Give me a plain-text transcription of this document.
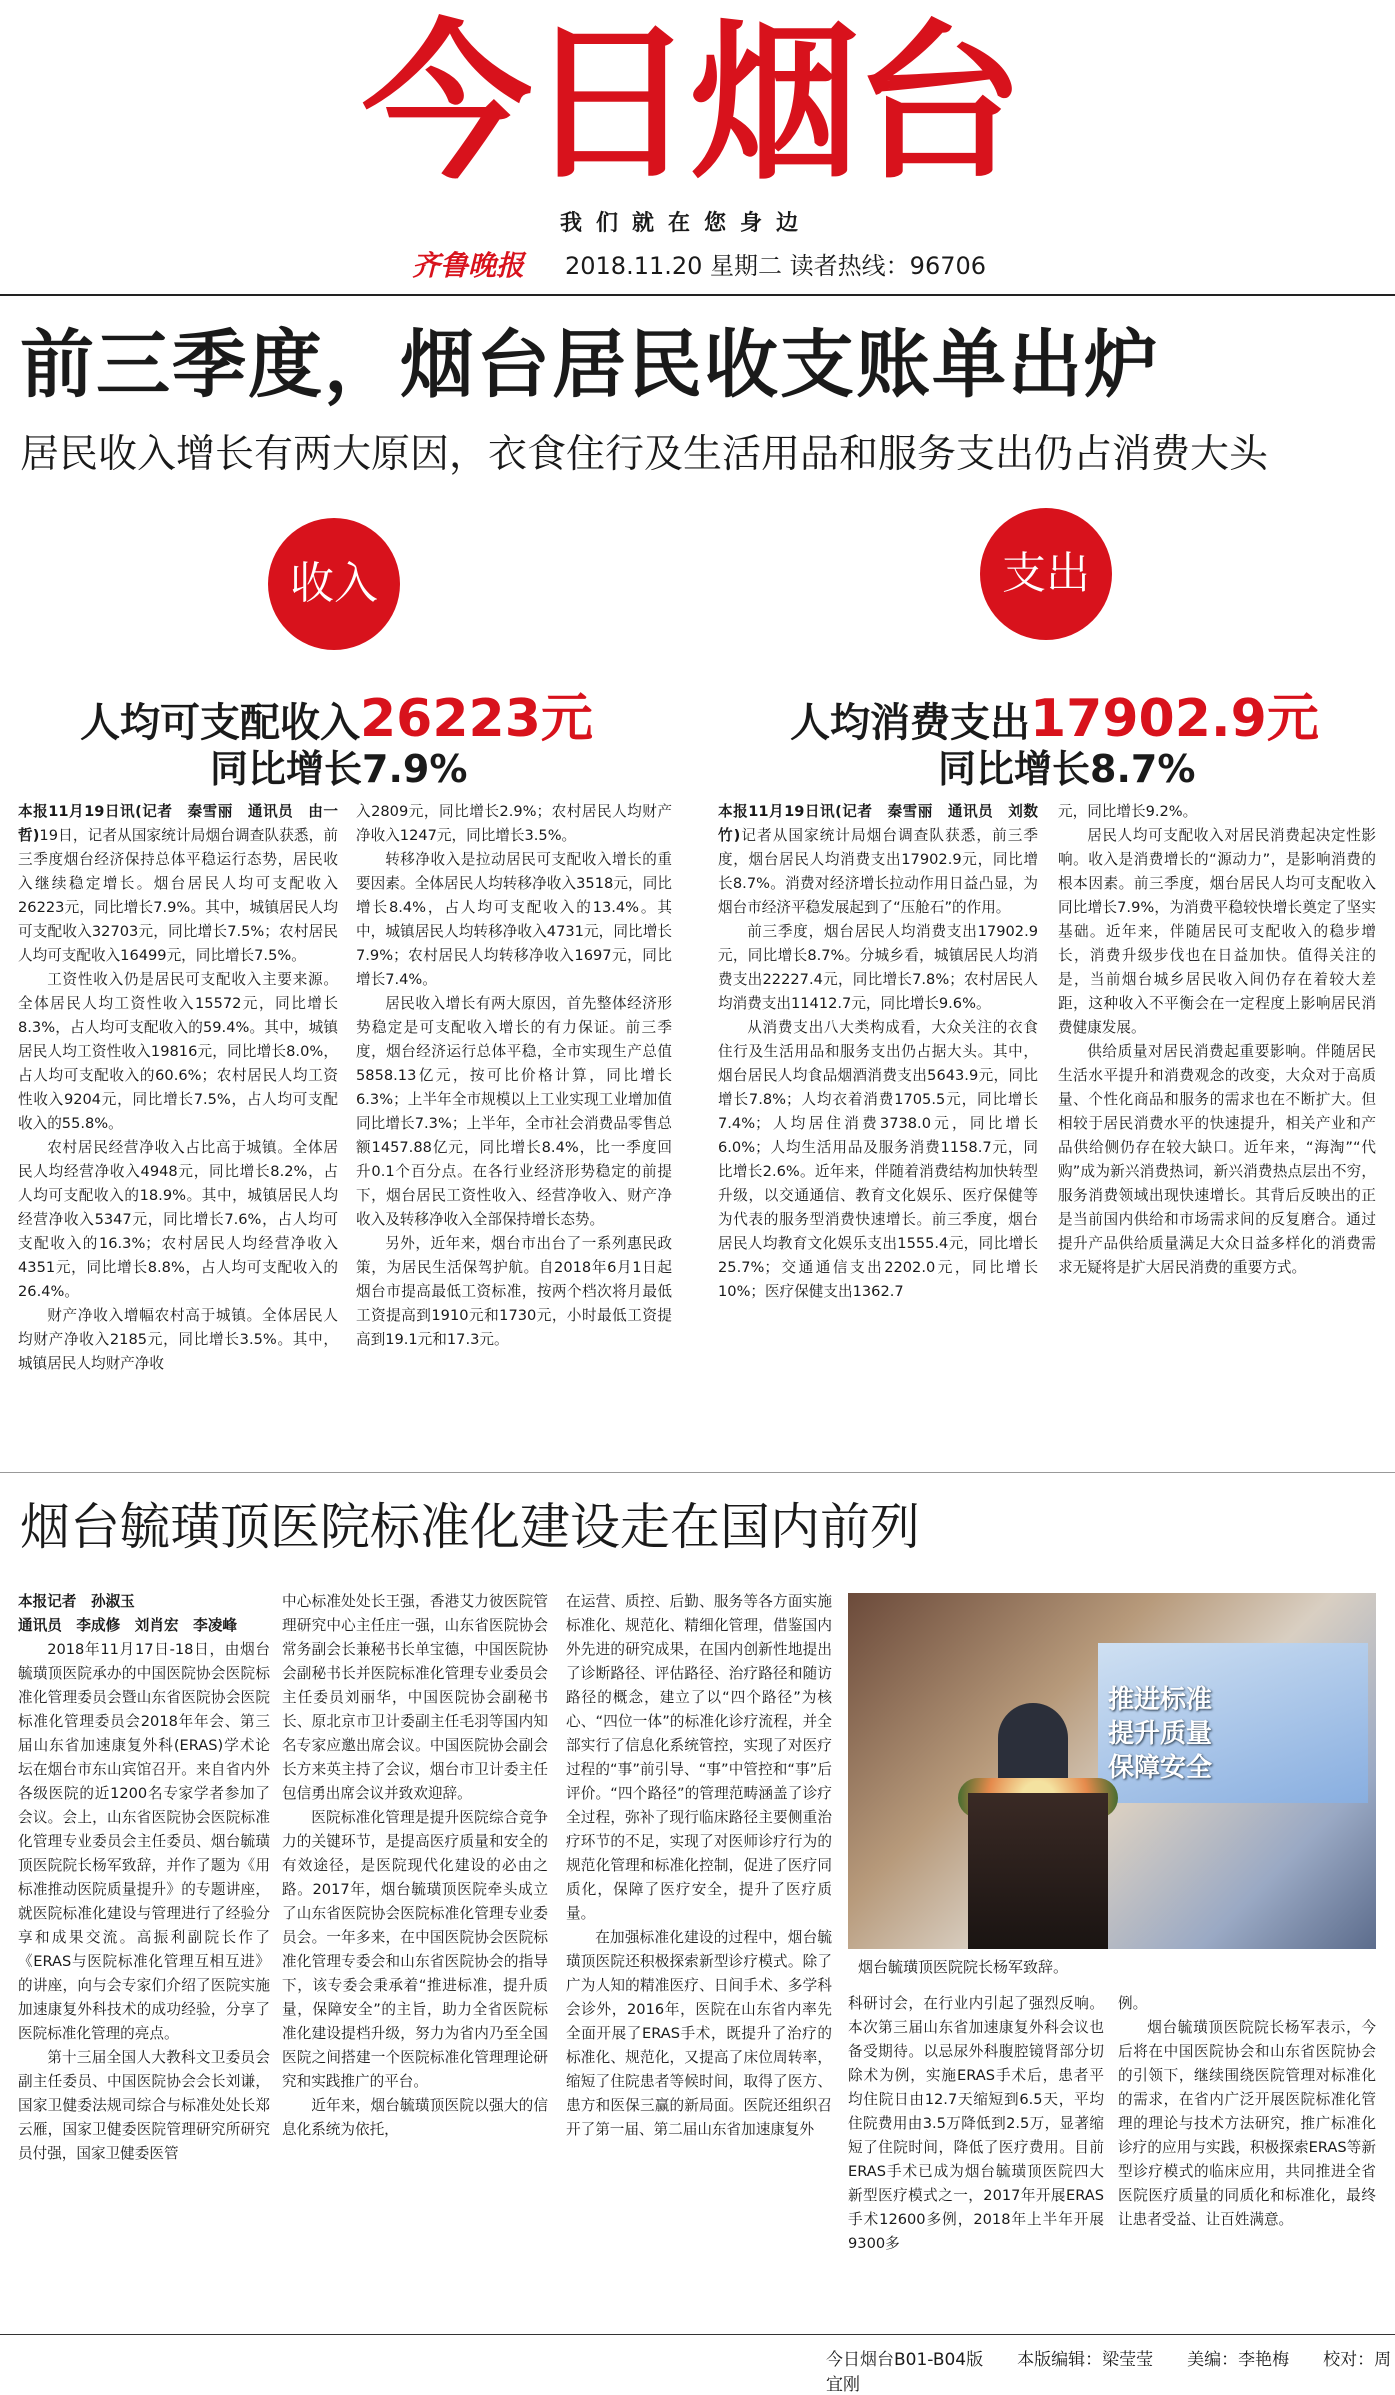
今日烟台
我们就在您身边
齐鲁晚报 2018.11.20 星期二 读者热线：96706
前三季度，烟台居民收支账单出炉
居民收入增长有两大原因，衣食住行及生活用品和服务支出仍占消费大头
收入	支出
人均可支配收入26223元
同比增长7.9%
人均消费支出17902.9元
同比增长8.7%

本报11月19日讯(记者　秦雪丽　通讯员　由一哲)19日，记者从国家统计局烟台调查队获悉，前三季度烟台经济保持总体平稳运行态势，居民收入继续稳定增长。烟台居民人均可支配收入26223元，同比增长7.9%。其中，城镇居民人均可支配收入32703元，同比增长7.5%；农村居民人均可支配收入16499元，同比增长7.5%。

工资性收入仍是居民可支配收入主要来源。全体居民人均工资性收入15572元，同比增长8.3%，占人均可支配收入的59.4%。其中，城镇居民人均工资性收入19816元，同比增长8.0%，占人均可支配收入的60.6%；农村居民人均工资性收入9204元，同比增长7.5%，占人均可支配收入的55.8%。

农村居民经营净收入占比高于城镇。全体居民人均经营净收入4948元，同比增长8.2%，占人均可支配收入的18.9%。其中，城镇居民人均经营净收入5347元，同比增长7.6%，占人均可支配收入的16.3%；农村居民人均经营净收入4351元，同比增长8.8%，占人均可支配收入的26.4%。

财产净收入增幅农村高于城镇。全体居民人均财产净收入2185元，同比增长3.5%。其中，城镇居民人均财产净收

入2809元，同比增长2.9%；农村居民人均财产净收入1247元，同比增长3.5%。

转移净收入是拉动居民可支配收入增长的重要因素。全体居民人均转移净收入3518元，同比增长8.4%，占人均可支配收入的13.4%。其中，城镇居民人均转移净收入4731元，同比增长7.9%；农村居民人均转移净收入1697元，同比增长7.4%。

居民收入增长有两大原因，首先整体经济形势稳定是可支配收入增长的有力保证。前三季度，烟台经济运行总体平稳，全市实现生产总值5858.13亿元，按可比价格计算，同比增长6.3%；上半年全市规模以上工业实现工业增加值同比增长7.3%；上半年，全市社会消费品零售总额1457.88亿元，同比增长8.4%，比一季度回升0.1个百分点。在各行业经济形势稳定的前提下，烟台居民工资性收入、经营净收入、财产净收入及转移净收入全部保持增长态势。

另外，近年来，烟台市出台了一系列惠民政策，为居民生活保驾护航。自2018年6月1日起烟台市提高最低工资标准，按两个档次将月最低工资提高到1910元和1730元，小时最低工资提高到19.1元和17.3元。

本报11月19日讯(记者　秦雪丽　通讯员　刘数竹)记者从国家统计局烟台调查队获悉，前三季度，烟台居民人均消费支出17902.9元，同比增长8.7%。消费对经济增长拉动作用日益凸显，为烟台市经济平稳发展起到了“压舱石”的作用。

前三季度，烟台居民人均消费支出17902.9元，同比增长8.7%。分城乡看，城镇居民人均消费支出22227.4元，同比增长7.8%；农村居民人均消费支出11412.7元，同比增长9.6%。

从消费支出八大类构成看，大众关注的衣食住行及生活用品和服务支出仍占据大头。其中，烟台居民人均食品烟酒消费支出5643.9元，同比增长7.8%；人均衣着消费1705.5元，同比增长7.4%；人均居住消费3738.0元，同比增长6.0%；人均生活用品及服务消费1158.7元，同比增长2.6%。近年来，伴随着消费结构加快转型升级，以交通通信、教育文化娱乐、医疗保健等为代表的服务型消费快速增长。前三季度，烟台居民人均教育文化娱乐支出1555.4元，同比增长25.7%；交通通信支出2202.0元，同比增长10%；医疗保健支出1362.7

元，同比增长9.2%。

居民人均可支配收入对居民消费起决定性影响。收入是消费增长的“源动力”，是影响消费的根本因素。前三季度，烟台居民人均可支配收入同比增长7.9%，为消费平稳较快增长奠定了坚实基础。近年来，伴随居民可支配收入的稳步增长，消费升级步伐也在日益加快。值得关注的是，当前烟台城乡居民收入间仍存在着较大差距，这种收入不平衡会在一定程度上影响居民消费健康发展。

供给质量对居民消费起重要影响。伴随居民生活水平提升和消费观念的改变，大众对于高质量、个性化商品和服务的需求也在不断扩大。但相较于居民消费水平的快速提升，相关产业和产品供给侧仍存在较大缺口。近年来，“海淘”“代购”成为新兴消费热词，新兴消费热点层出不穷，服务消费领域出现快速增长。其背后反映出的正是当前国内供给和市场需求间的反复磨合。通过提升产品供给质量满足大众日益多样化的消费需求无疑将是扩大居民消费的重要方式。

烟台毓璜顶医院标准化建设走在国内前列

本报记者　孙淑玉

通讯员　李成修　刘肖宏　李凌峰

2018年11月17日-18日，由烟台毓璜顶医院承办的中国医院协会医院标准化管理委员会暨山东省医院协会医院标准化管理委员会2018年年会、第三届山东省加速康复外科(ERAS)学术论坛在烟台市东山宾馆召开。来自省内外各级医院的近1200名专家学者参加了会议。会上，山东省医院协会医院标准化管理专业委员会主任委员、烟台毓璜顶医院院长杨军致辞，并作了题为《用标准推动医院质量提升》的专题讲座，就医院标准化建设与管理进行了经验分享和成果交流。高振利副院长作了《ERAS与医院标准化管理互相互进》的讲座，向与会专家们介绍了医院实施加速康复外科技术的成功经验，分享了医院标准化管理的亮点。

第十三届全国人大教科文卫委员会副主任委员、中国医院协会会长刘谦，国家卫健委法规司综合与标准处处长郑云雁，国家卫健委医院管理研究所研究员付强，国家卫健委医管

中心标准处处长王强，香港艾力彼医院管理研究中心主任庄一强，山东省医院协会常务副会长兼秘书长单宝德，中国医院协会副秘书长并医院标准化管理专业委员会主任委员刘丽华，中国医院协会副秘书长、原北京市卫计委副主任毛羽等国内知名专家应邀出席会议。中国医院协会副会长方来英主持了会议，烟台市卫计委主任包信勇出席会议并致欢迎辞。

医院标准化管理是提升医院综合竞争力的关键环节，是提高医疗质量和安全的有效途径，是医院现代化建设的必由之路。2017年，烟台毓璜顶医院牵头成立了山东省医院协会医院标准化管理专业委员会。一年多来，在中国医院协会医院标准化管理专委会和山东省医院协会的指导下，该专委会秉承着“推进标准，提升质量，保障安全”的主旨，助力全省医院标准化建设提档升级，努力为省内乃至全国医院之间搭建一个医院标准化管理理论研究和实践推广的平台。

近年来，烟台毓璜顶医院以强大的信息化系统为依托，

在运营、质控、后勤、服务等各方面实施标准化、规范化、精细化管理，借鉴国内外先进的研究成果，在国内创新性地提出了诊断路径、评估路径、治疗路径和随访路径的概念，建立了以“四个路径”为核心、“四位一体”的标准化诊疗流程，并全部实行了信息化系统管控，实现了对医疗过程的“事”前引导、“事”中管控和“事”后评价。“四个路径”的管理范畴涵盖了诊疗全过程，弥补了现行临床路径主要侧重治疗环节的不足，实现了对医师诊疗行为的规范化管理和标准化控制，促进了医疗同质化，保障了医疗安全，提升了医疗质量。

在加强标准化建设的过程中，烟台毓璜顶医院还积极探索新型诊疗模式。除了广为人知的精准医疗、日间手术、多学科会诊外，2016年，医院在山东省内率先全面开展了ERAS手术，既提升了治疗的标准化、规范化，又提高了床位周转率，缩短了住院患者等候时间，取得了医方、患方和医保三赢的新局面。医院还组织召开了第一届、第二届山东省加速康复外

推进标准
提升质量
保障安全
烟台毓璜顶医院院长杨军致辞。

科研讨会，在行业内引起了强烈反响。本次第三届山东省加速康复外科会议也备受期待。以忌尿外科腹腔镜肾部分切除术为例，实施ERAS手术后，患者平均住院日由12.7天缩短到6.5天，平均住院费用由3.5万降低到2.5万，显著缩短了住院时间，降低了医疗费用。目前ERAS手术已成为烟台毓璜顶医院四大新型医疗模式之一，2017年开展ERAS手术12600多例，2018年上半年开展9300多

例。

烟台毓璜顶医院院长杨军表示，今后将在中国医院协会和山东省医院协会的引领下，继续围绕医院管理对标准化的需求，在省内广泛开展医院标准化管理的理论与技术方法研究，推广标准化诊疗的应用与实践，积极探索ERAS等新型诊疗模式的临床应用，共同推进全省医院医疗质量的同质化和标准化，最终让患者受益、让百姓满意。

今日烟台B01-B04版　　本版编辑：梁莹莹　　美编：李艳梅　　校对：周宜刚
